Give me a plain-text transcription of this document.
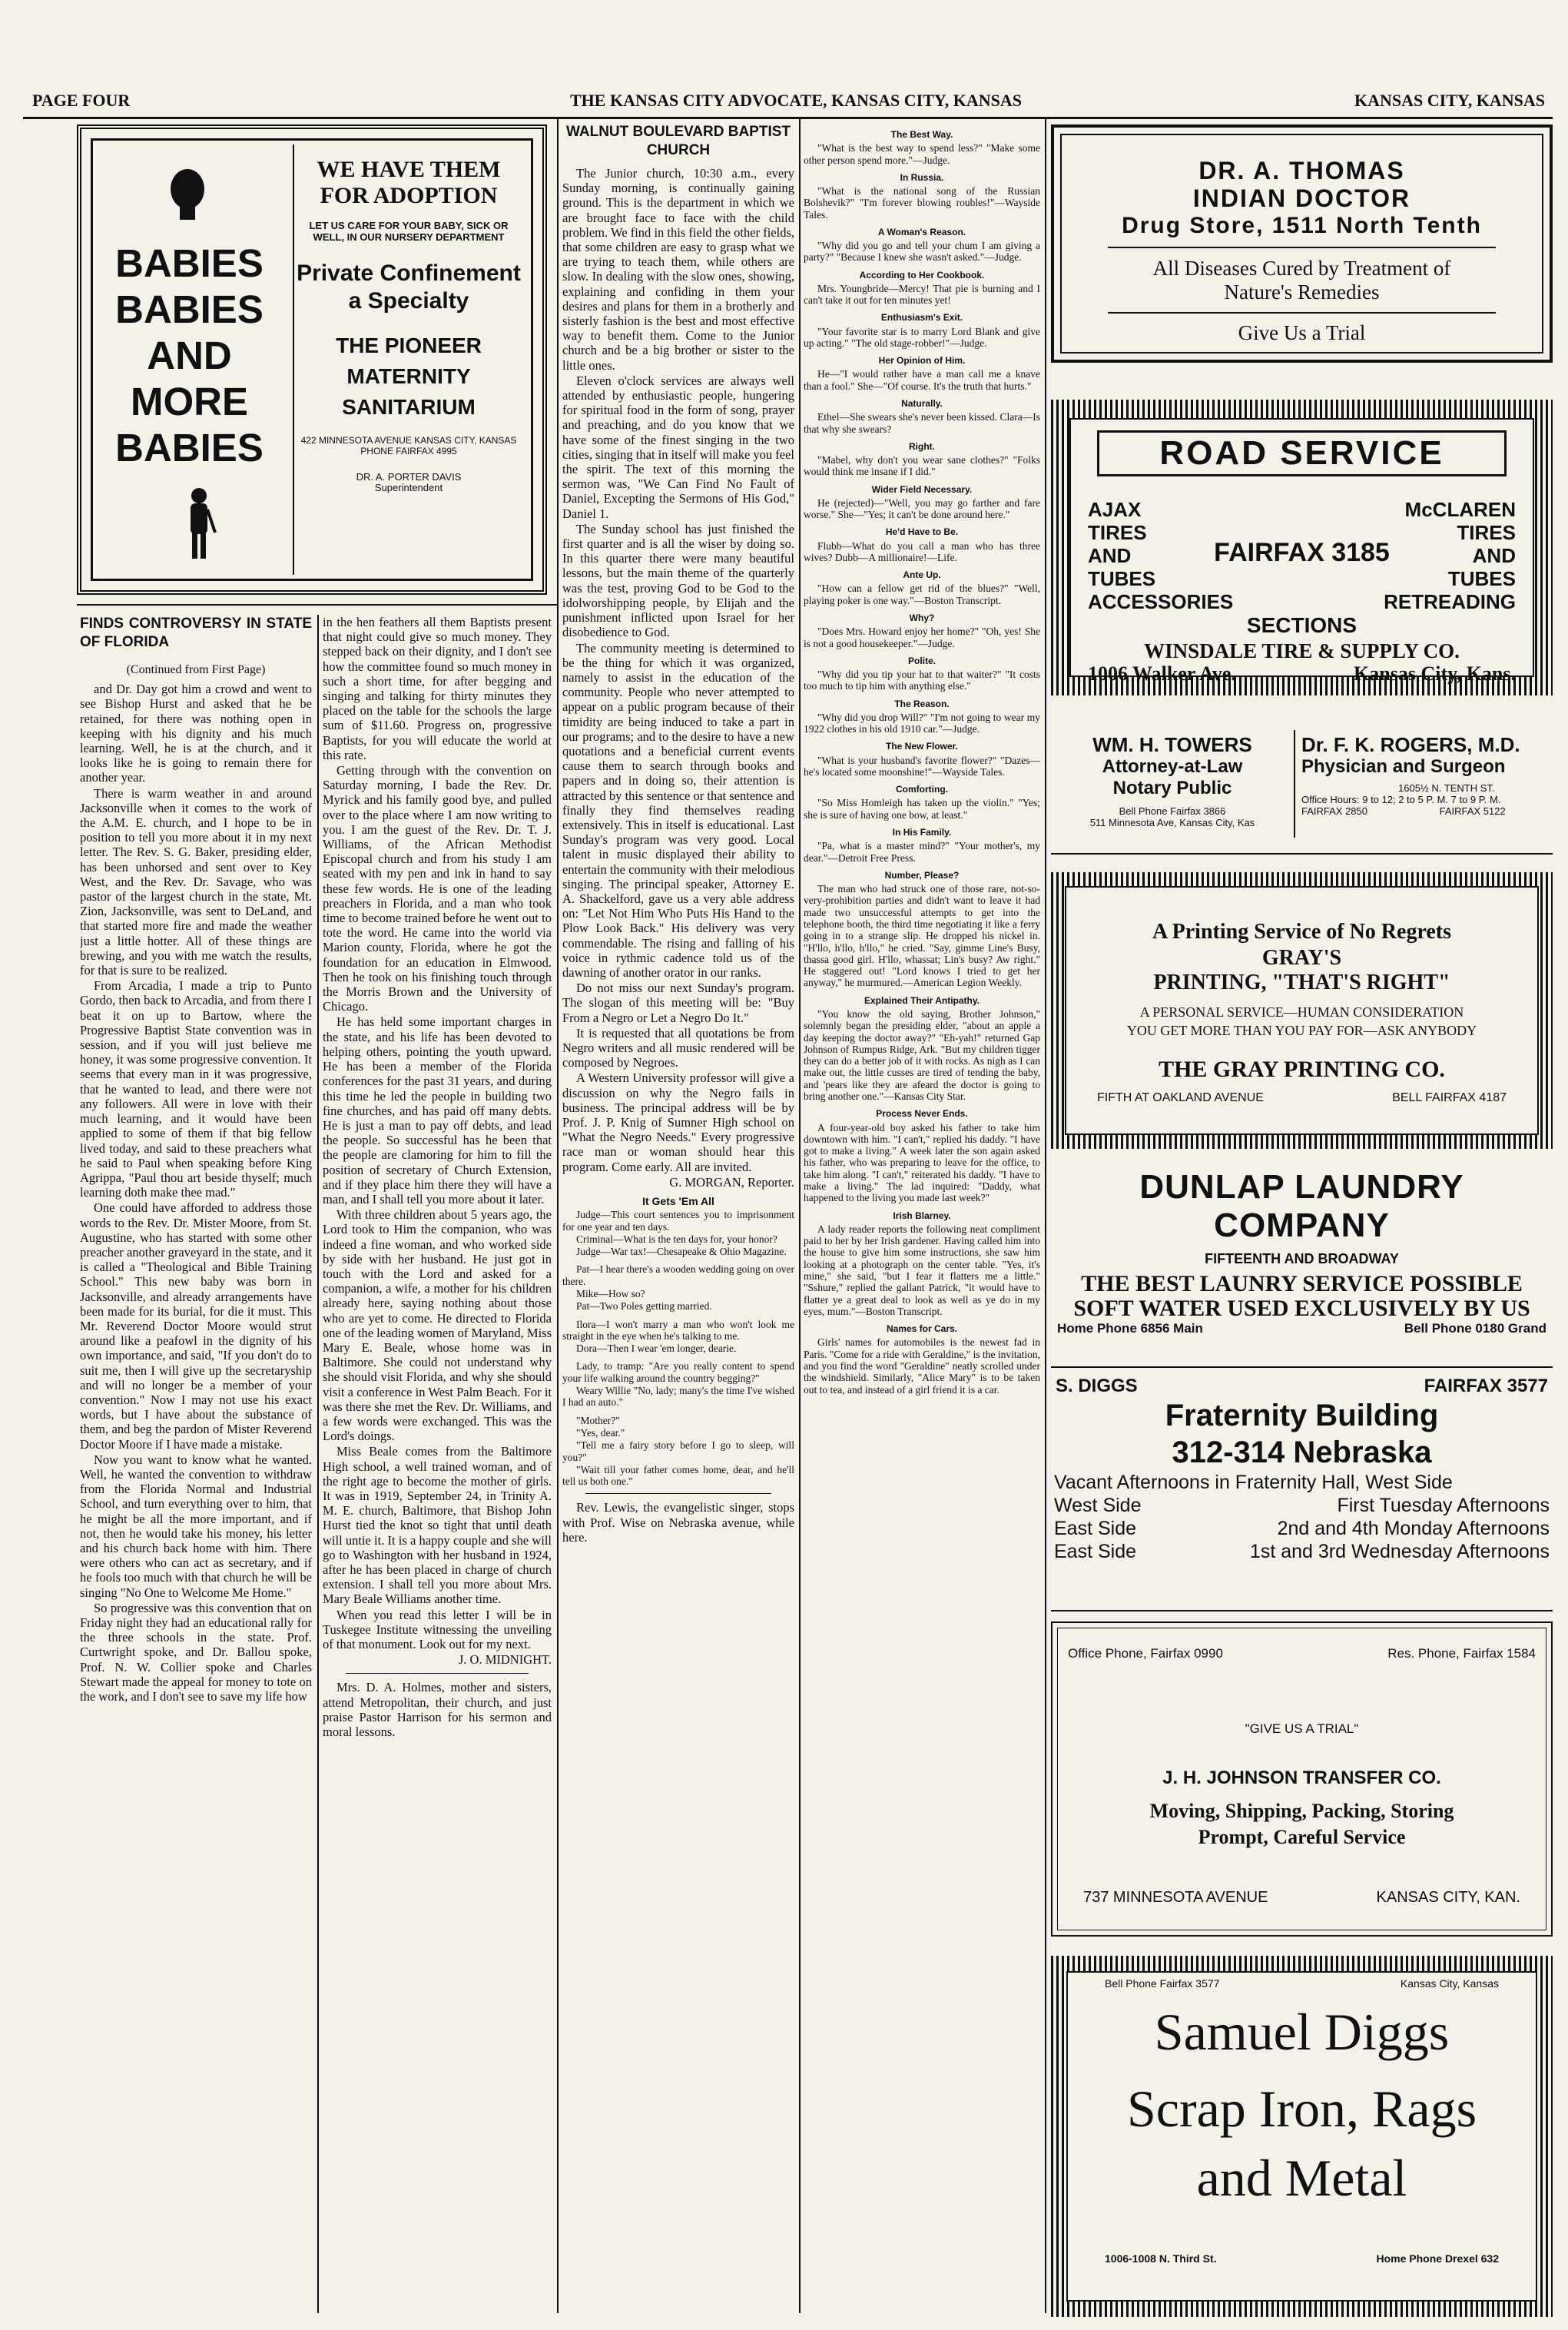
PAGE FOUR	THE KANSAS CITY ADVOCATE, KANSAS CITY, KANSAS	KANSAS CITY, KANSAS
BABIES BABIES AND MORE BABIES
WE HAVE THEM FOR ADOPTION
LET US CARE FOR YOUR BABY, SICK OR WELL, IN OUR NURSERY DEPARTMENT
Private Confinement a Specialty
THE PIONEER MATERNITY SANITARIUM
422 MINNESOTA AVENUE KANSAS CITY, KANSAS PHONE FAIRFAX 4995
DR. A. PORTER DAVIS
Superintendent
FINDS CONTROVERSY IN STATE OF FLORIDA
(Continued from First Page)

and Dr. Day got him a crowd and went to see Bishop Hurst and asked that he be retained, for there was nothing open in keeping with his dignity and his much learning. Well, he is at the church, and it looks like he is going to remain there for another year.

There is warm weather in and around Jacksonville when it comes to the work of the A.M. E. church, and I hope to be in position to tell you more about it in my next letter. The Rev. S. G. Baker, presiding elder, has been unhorsed and sent over to Key West, and the Rev. Dr. Savage, who was pastor of the largest church in the state, Mt. Zion, Jacksonville, was sent to DeLand, and that started more fire and made the weather just a little hotter. All of these things are brewing, and you with me watch the results, for that is sure to be realized.

From Arcadia, I made a trip to Punto Gordo, then back to Arcadia, and from there I beat it on up to Bartow, where the Progressive Baptist State convention was in session, and if you will just believe me honey, it was some progressive convention. It seems that every man in it was progressive, that he wanted to lead, and there were not any followers. All were in love with their much learning, and it would have been applied to some of them if that big fellow lived today, and said to these preachers what he said to Paul when speaking before King Agrippa, "Paul thou art beside thyself; much learning doth make thee mad."

One could have afforded to address those words to the Rev. Dr. Mister Moore, from St. Augustine, who has started with some other preacher another graveyard in the state, and it is called a "Theological and Bible Training School." This new baby was born in Jacksonville, and already arrangements have been made for its burial, for die it must. This Mr. Reverend Doctor Moore would strut around like a peafowl in the dignity of his own importance, and said, "If you don't do to suit me, then I will give up the secretaryship and will no longer be a member of your convention." Now I may not use his exact words, but I have about the substance of them, and beg the pardon of Mister Reverend Doctor Moore if I have made a mistake.

Now you want to know what he wanted. Well, he wanted the convention to withdraw from the Florida Normal and Industrial School, and turn everything over to him, that he might be all the more important, and if not, then he would take his money, his letter and his church back home with him. There were others who can act as secretary, and if he fools too much with that church he will be singing "No One to Welcome Me Home."

So progressive was this convention that on Friday night they had an educational rally for the three schools in the state. Prof. Curtwright spoke, and Dr. Ballou spoke, Prof. N. W. Collier spoke and Charles Stewart made the appeal for money to tote on the work, and I don't see to save my life how

in the hen feathers all them Baptists present that night could give so much money. They stepped back on their dignity, and I don't see how the committee found so much money in such a short time, for after begging and singing and talking for thirty minutes they placed on the table for the schools the large sum of $11.60. Progress on, progressive Baptists, for you will educate the world at this rate.

Getting through with the convention on Saturday morning, I bade the Rev. Dr. Myrick and his family good bye, and pulled over to the place where I am now writing to you. I am the guest of the Rev. Dr. T. J. Williams, of the African Methodist Episcopal church and from his study I am seated with my pen and ink in hand to say these few words. He is one of the leading preachers in Florida, and a man who took time to become trained before he went out to tote the word. He came into the world via Marion county, Florida, where he got the foundation for an education in Elmwood. Then he took on his finishing touch through the Morris Brown and the University of Chicago.

He has held some important charges in the state, and his life has been devoted to helping others, pointing the youth upward. He has been a member of the Florida conferences for the past 31 years, and during this time he led the people in building two fine churches, and has paid off many debts. He is just a man to pay off debts, and lead the people. So successful has he been that the people are clamoring for him to fill the position of secretary of Church Extension, and if they place him there they will have a man, and I shall tell you more about it later.

With three children about 5 years ago, the Lord took to Him the companion, who was indeed a fine woman, and who worked side by side with her husband. He just got in touch with the Lord and asked for a companion, a wife, a mother for his children already here, saying nothing about those who are yet to come. He directed to Florida one of the leading women of Maryland, Miss Mary E. Beale, whose home was in Baltimore. She could not understand why she should visit Florida, and why she should visit a conference in West Palm Beach. For it was there she met the Rev. Dr. Williams, and a few words were exchanged. This was the Lord's doings.

Miss Beale comes from the Baltimore High school, a well trained woman, and of the right age to become the mother of girls. It was in 1919, September 24, in Trinity A. M. E. church, Baltimore, that Bishop John Hurst tied the knot so tight that until death will untie it. It is a happy couple and she will go to Washington with her husband in 1924, after he has been placed in charge of church extension. I shall tell you more about Mrs. Mary Beale Williams another time.

When you read this letter I will be in Tuskegee Institute witnessing the unveiling of that monument. Look out for my next.

J. O. MIDNIGHT.

Mrs. D. A. Holmes, mother and sisters, attend Metropolitan, their church, and just praise Pastor Harrison for his sermon and moral lessons.

WALNUT BOULEVARD BAPTIST CHURCH

The Junior church, 10:30 a.m., every Sunday morning, is continually gaining ground. This is the department in which we are brought face to face with the child problem. We find in this field the other fields, that some children are easy to grasp what we are trying to teach them, while others are slow. In dealing with the slow ones, showing, explaining and confiding in them your desires and plans for them in a brotherly and sisterly fashion is the best and most effective way to benefit them. Come to the Junior church and be a big brother or sister to the little ones.

Eleven o'clock services are always well attended by enthusiastic people, hungering for spiritual food in the form of song, prayer and preaching, and do you know that we have some of the finest singing in the two cities, singing that in itself will make you feel the spirit. The text of this morning the sermon was, "We Can Find No Fault of Daniel, Excepting the Sermons of His God," Daniel 1.

The Sunday school has just finished the first quarter and is all the wiser by doing so. In this quarter there were many beautiful lessons, but the main theme of the quarterly was the test, proving God to be God to the idolworshipping people, by Elijah and the punishment inflicted upon Israel for her disobedience to God.

The community meeting is determined to be the thing for which it was organized, namely to assist in the education of the community. People who never attempted to appear on a public program because of their timidity are being induced to take a part in our programs; and to the desire to have a new quotations and a beneficial current events cause them to search through books and papers and in doing so, their attention is attracted by this sentence or that sentence and finally they find themselves reading extensively. This in itself is educational. Last Sunday's program was very good. Local talent in music displayed their ability to entertain the community with their melodious singing. The principal speaker, Attorney E. A. Shackelford, gave us a very able address on: "Let Not Him Who Puts His Hand to the Plow Look Back." His delivery was very commendable. The rising and falling of his voice in rythmic cadence told us of the dawning of another orator in our ranks.

Do not miss our next Sunday's program. The slogan of this meeting will be: "Buy From a Negro or Let a Negro Do It."

It is requested that all quotations be from Negro writers and all music rendered will be composed by Negroes.

A Western University professor will give a discussion on why the Negro fails in business. The principal address will be by Prof. J. P. Knig of Sumner High school on "What the Negro Needs." Every progressive race man or woman should hear this program. Come early. All are invited.

G. MORGAN, Reporter.

It Gets 'Em All

Judge—This court sentences you to imprisonment for one year and ten days.

Criminal—What is the ten days for, your honor?

Judge—War tax!—Chesapeake & Ohio Magazine.

Pat—I hear there's a wooden wedding going on over there.

Mike—How so?

Pat—Two Poles getting married.

Ilora—I won't marry a man who won't look me straight in the eye when he's talking to me.

Dora—Then I wear 'em longer, dearie.

Lady, to tramp: "Are you really content to spend your life walking around the country begging?"

Weary Willie "No, lady; many's the time I've wished I had an auto."

"Mother?"

"Yes, dear."

"Tell me a fairy story before I go to sleep, will you?"

"Wait till your father comes home, dear, and he'll tell us both one."

Rev. Lewis, the evangelistic singer, stops with Prof. Wise on Nebraska avenue, while here.

The Best Way.

"What is the best way to spend less?" "Make some other person spend more."—Judge.

In Russia.

"What is the national song of the Russian Bolshevik?" "I'm forever blowing roubles!"—Wayside Tales.

A Woman's Reason.

"Why did you go and tell your chum I am giving a party?" "Because I knew she wasn't asked."—Judge.

According to Her Cookbook.

Mrs. Youngbride—Mercy! That pie is burning and I can't take it out for ten minutes yet!

Enthusiasm's Exit.

"Your favorite star is to marry Lord Blank and give up acting." "The old stage-robber!"—Judge.

Her Opinion of Him.

He—"I would rather have a man call me a knave than a fool." She—"Of course. It's the truth that hurts."

Naturally.

Ethel—She swears she's never been kissed. Clara—Is that why she swears?

Right.

"Mabel, why don't you wear sane clothes?" "Folks would think me insane if I did."

Wider Field Necessary.

He (rejected)—"Well, you may go farther and fare worse." She—"Yes; it can't be done around here."

He'd Have to Be.

Flubb—What do you call a man who has three wives? Dubb—A millionaire!—Life.

Ante Up.

"How can a fellow get rid of the blues?" "Well, playing poker is one way."—Boston Transcript.

Why?

"Does Mrs. Howard enjoy her home?" "Oh, yes! She is not a good housekeeper."—Judge.

Polite.

"Why did you tip your hat to that waiter?" "It costs too much to tip him with anything else."

The Reason.

"Why did you drop Will?" "I'm not going to wear my 1922 clothes in his old 1910 car."—Judge.

The New Flower.

"What is your husband's favorite flower?" "Dazes—he's located some moonshine!"—Wayside Tales.

Comforting.

"So Miss Homleigh has taken up the violin." "Yes; she is sure of having one bow, at least."

In His Family.

"Pa, what is a master mind?" "Your mother's, my dear."—Detroit Free Press.

Number, Please?

The man who had struck one of those rare, not-so-very-prohibition parties and didn't want to leave it had made two unsuccessful attempts to get into the telephone booth, the third time negotiating it like a ferry going in to a strange slip. He dropped his nickel in. "H'llo, h'llo, h'llo," he cried. "Say, gimme Line's Busy, thassa good girl. H'llo, whassat; Lin's busy? Aw right." He staggered out! "Lord knows I tried to get her anyway," he murmured.—American Legion Weekly.

Explained Their Antipathy.

"You know the old saying, Brother Johnson," solemnly began the presiding elder, "about an apple a day keeping the doctor away?" "Eh-yah!" returned Gap Johnson of Rumpus Ridge, Ark. "But my children tigger they can do a better job of it with rocks. As nigh as I can make out, the little cusses are tired of tending the baby, and 'pears like they are afeard the doctor is going to bring another one."—Kansas City Star.

Process Never Ends.

A four-year-old boy asked his father to take him downtown with him. "I can't," replied his daddy. "I have got to make a living." A week later the son again asked his father, who was preparing to leave for the office, to take him along. "I can't," reiterated his daddy. "I have to make a living." The lad inquired: "Daddy, what happened to the living you made last week?"

Irish Blarney.

A lady reader reports the following neat compliment paid to her by her Irish gardener. Having called him into the house to give him some instructions, she saw him looking at a photograph on the center table. "Yes, it's mine," she said, "but I fear it flatters me a little." "Sshure," replied the gallant Patrick, "it would have to flatter ye a great deal to look as well as ye do in my eyes, mum."—Boston Transcript.

Names for Cars.

Girls' names for automobiles is the newest fad in Paris. "Come for a ride with Geraldine," is the invitation, and you find the word "Geraldine" neatly scrolled under the windshield. Similarly, "Alice Mary" is to be taken out to tea, and instead of a girl friend it is a car.

DR. A. THOMAS
INDIAN DOCTOR
Drug Store, 1511 North Tenth
All Diseases Cured by Treatment of Nature's Remedies
Give Us a Trial
ROAD SERVICE
AJAX
TIRES
AND
TUBES
ACCESSORIES
McCLAREN
TIRES
AND
TUBES
RETREADING
FAIRFAX 3185
SECTIONS
WINSDALE TIRE & SUPPLY CO.
1006 Walker Ave.	Kansas City, Kans.
WM. H. TOWERS
Attorney-at-Law
Notary Public
Bell Phone Fairfax 3866
511 Minnesota Ave, Kansas City, Kas
Dr. F. K. ROGERS, M.D.
Physician and Surgeon
1605½ N. TENTH ST.
Office Hours: 9 to 12; 2 to 5 P. M. 7 to 9 P. M.
FAIRFAX 2850	FAIRFAX 5122
A Printing Service of No Regrets
GRAY'S
PRINTING, "THAT'S RIGHT"
A PERSONAL SERVICE—HUMAN CONSIDERATION
YOU GET MORE THAN YOU PAY FOR—ASK ANYBODY
THE GRAY PRINTING CO.
FIFTH AT OAKLAND AVENUE	BELL FAIRFAX 4187
DUNLAP LAUNDRY COMPANY
FIFTEENTH AND BROADWAY
THE BEST LAUNRY SERVICE POSSIBLE
SOFT WATER USED EXCLUSIVELY BY US
Home Phone 6856 Main	Bell Phone 0180 Grand
S. DIGGS	FAIRFAX 3577
Fraternity Building
312-314 Nebraska
Vacant Afternoons in Fraternity Hall, West Side
West Side	First Tuesday Afternoons
East Side	2nd and 4th Monday Afternoons
East Side	1st and 3rd Wednesday Afternoons
Office Phone, Fairfax 0990	Res. Phone, Fairfax 1584
"GIVE US A TRIAL"
J. H. JOHNSON TRANSFER CO.
Moving, Shipping, Packing, Storing
Prompt, Careful Service
737 MINNESOTA AVENUE	KANSAS CITY, KAN.
Bell Phone Fairfax 3577	Kansas City, Kansas
Samuel Diggs
Scrap Iron, Rags
and Metal
1006-1008 N. Third St.	Home Phone Drexel 632
